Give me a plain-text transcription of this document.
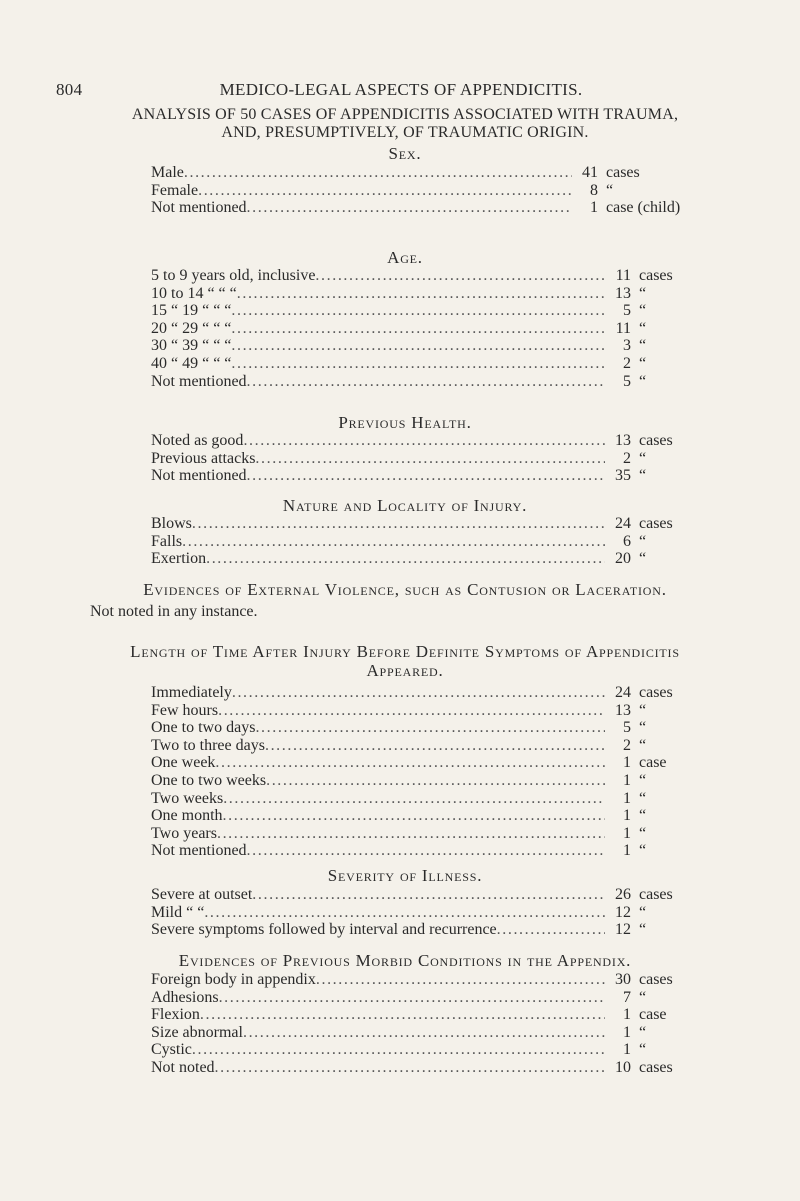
804	MEDICO-LEGAL ASPECTS OF APPENDICITIS.
ANALYSIS OF 50 CASES OF APPENDICITIS ASSOCIATED WITH TRAUMA,
AND, PRESUMPTIVELY, OF TRAUMATIC ORIGIN.
Sex.
Male . . .	41 cases
Female . . .	8 “
Not mentioned . . .	1 case (child)
Age.
5 to 9 years old, inclusive . . .	11 cases
10 to 14 “ “ “ . . .	13 “
15 “ 19 “ “ “ . . .	5 “
20 “ 29 “ “ “ . . .	11 “
30 “ 39 “ “ “ . . .	3 “
40 “ 49 “ “ “ . . .	2 “
Not mentioned . . .	5 “
Previous Health.
Noted as good . . .	13 cases
Previous attacks . . .	2 “
Not mentioned . . .	35 “
Nature and Locality of Injury.
Blows . . .	24 cases
Falls . . .	6 “
Exertion . . .	20 “
Evidences of External Violence, such as Contusion or Laceration.
Not noted in any instance.
Length of Time After Injury Before Definite Symptoms of Appendicitis
Appeared.
Immediately . . .	24 cases
Few hours . . .	13 “
One to two days . . .	5 “
Two to three days . . .	2 “
One week . . .	1 case
One to two weeks . . .	1 “
Two weeks . . .	1 “
One month . . .	1 “
Two years . . .	1 “
Not mentioned . . .	1 “
Severity of Illness.
Severe at outset . . .	26 cases
Mild “ “ . . .	12 “
Severe symptoms followed by interval and recurrence . . .	12 “
Evidences of Previous Morbid Conditions in the Appendix.
Foreign body in appendix . . .	30 cases
Adhesions . . .	7 “
Flexion . . .	1 case
Size abnormal . . .	1 “
Cystic . . .	1 “
Not noted . . .	10 cases
